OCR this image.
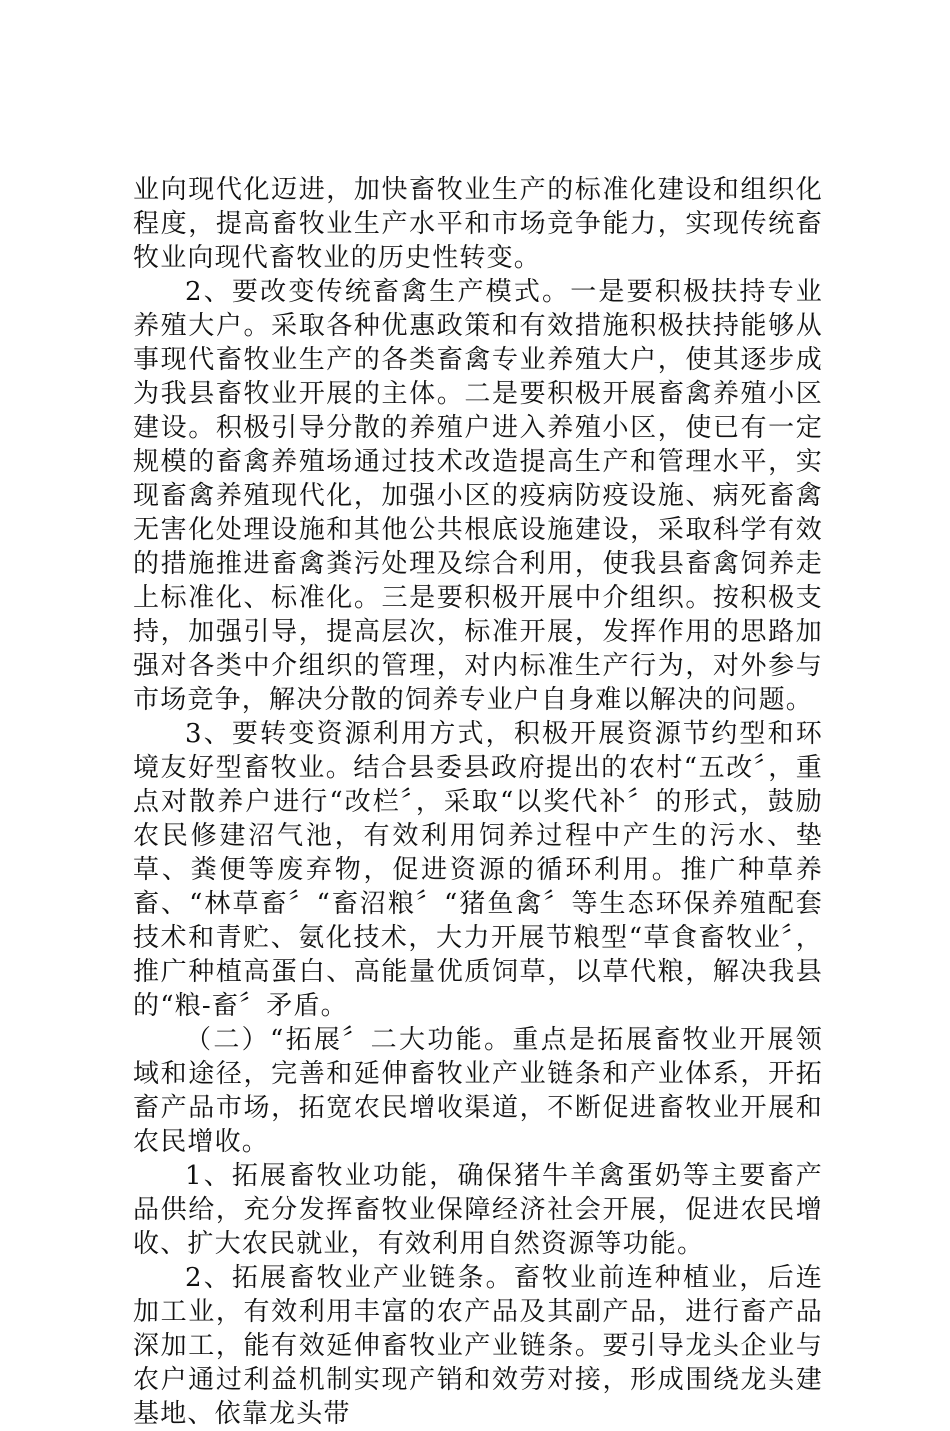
业向现代化迈进，加快畜牧业生产的标准化建设和组织化程度，提高畜牧业生产水平和市场竞争能力，实现传统畜牧业向现代畜牧业的历史性转变。

2、要改变传统畜禽生产模式。一是要积极扶持专业养殖大户。采取各种优惠政策和有效措施积极扶持能够从事现代畜牧业生产的各类畜禽专业养殖大户，使其逐步成为我县畜牧业开展的主体。二是要积极开展畜禽养殖小区建设。积极引导分散的养殖户进入养殖小区，使已有一定规模的畜禽养殖场通过技术改造提高生产和管理水平，实现畜禽养殖现代化，加强小区的疫病防疫设施、病死畜禽无害化处理设施和其他公共根底设施建设，采取科学有效的措施推进畜禽粪污处理及综合利用，使我县畜禽饲养走上标准化、标准化。三是要积极开展中介组织。按积极支持，加强引导，提高层次，标准开展，发挥作用的思路加强对各类中介组织的管理，对内标准生产行为，对外参与市场竞争，解决分散的饲养专业户自身难以解决的问题。

3、要转变资源利用方式，积极开展资源节约型和环境友好型畜牧业。结合县委县政府提出的农村“五改〞，重点对散养户进行“改栏〞，采取“以奖代补〞的形式，鼓励农民修建沼气池，有效利用饲养过程中产生的污水、垫草、粪便等废弃物，促进资源的循环利用。推广种草养畜、“林草畜〞“畜沼粮〞“猪鱼禽〞等生态环保养殖配套技术和青贮、氨化技术，大力开展节粮型“草食畜牧业〞，推广种植高蛋白、高能量优质饲草，以草代粮，解决我县的“粮-畜〞矛盾。

（二）“拓展〞二大功能。重点是拓展畜牧业开展领域和途径，完善和延伸畜牧业产业链条和产业体系，开拓畜产品市场，拓宽农民增收渠道，不断促进畜牧业开展和农民增收。

1、拓展畜牧业功能，确保猪牛羊禽蛋奶等主要畜产品供给，充分发挥畜牧业保障经济社会开展，促进农民增收、扩大农民就业，有效利用自然资源等功能。

2、拓展畜牧业产业链条。畜牧业前连种植业，后连加工业，有效利用丰富的农产品及其副产品，进行畜产品深加工，能有效延伸畜牧业产业链条。要引导龙头企业与农户通过利益机制实现产销和效劳对接，形成围绕龙头建基地、依靠龙头带
